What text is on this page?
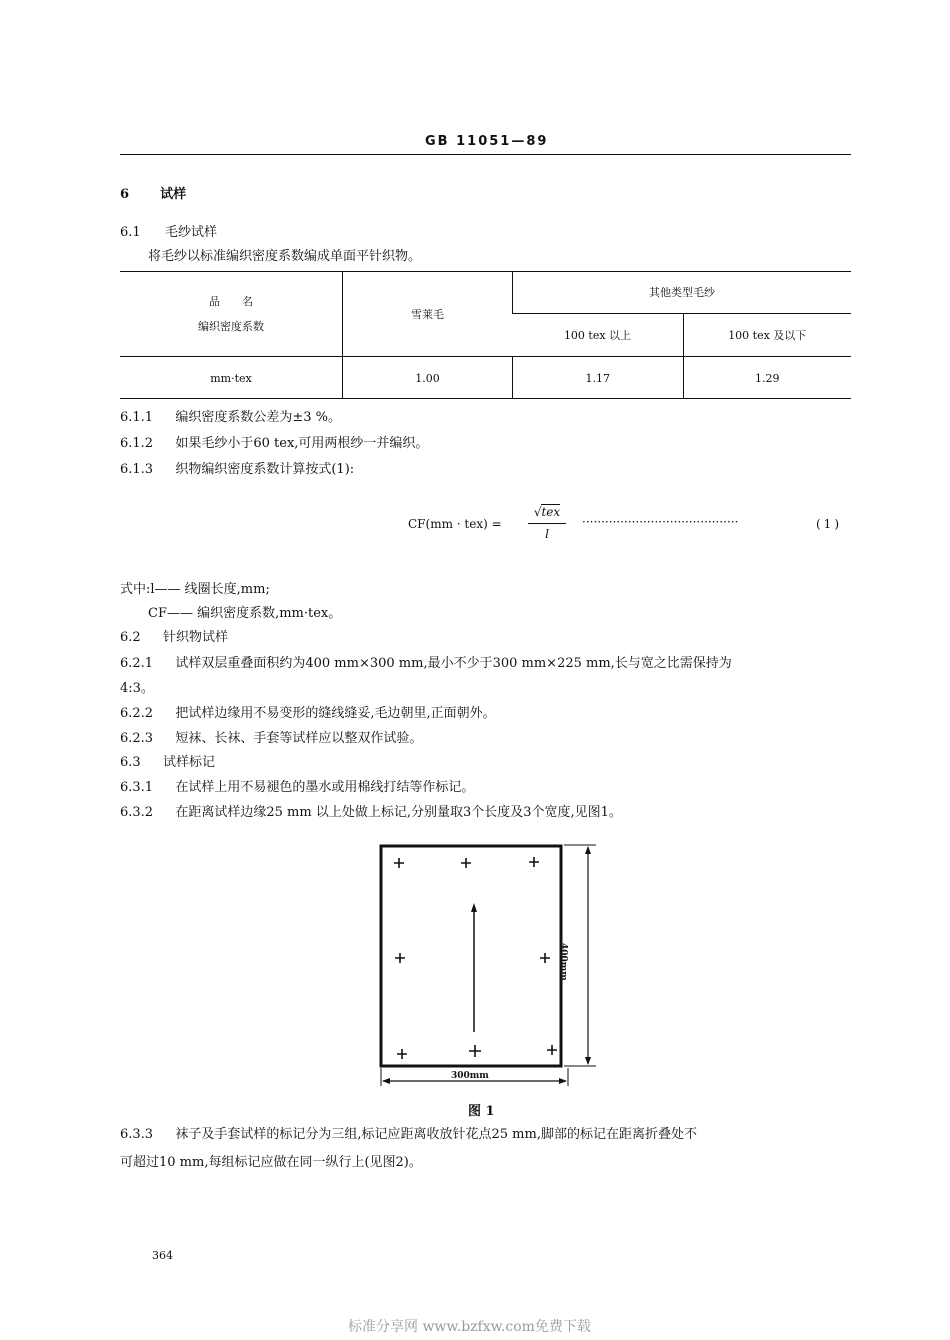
GB 11051—89
6 试样
6.1 毛纱试样
将毛纱以标准编织密度系数编成单面平针织物。
品　　名
编织密度系数	雪莱毛	其他类型毛纱	
		100 tex 以上	100 tex 及以下
mm·tex	1.00	1.17	1.29
6.1.1 编织密度系数公差为±3 %。
6.1.2 如果毛纱小于60 tex,可用两根纱一并编织。
6.1.3 织物编织密度系数计算按式(1):
CF(mm · tex) =
√tex
l
·········································	(1)
式中:l—— 线圈长度,mm;
CF—— 编织密度系数,mm·tex。
6.2 针织物试样
6.2.1 试样双层重叠面积约为400 mm×300 mm,最小不少于300 mm×225 mm,长与宽之比需保持为
4:3。
6.2.2 把试样边缘用不易变形的缝线缝妥,毛边朝里,正面朝外。
6.2.3 短袜、长袜、手套等试样应以整双作试验。
6.3 试样标记
6.3.1 在试样上用不易褪色的墨水或用棉线打结等作标记。
6.3.2 在距离试样边缘25 mm 以上处做上标记,分别量取3个长度及3个宽度,见图1。
400mm
300mm
图 1
6.3.3 袜子及手套试样的标记分为三组,标记应距离收放针花点25 mm,脚部的标记在距离折叠处不
可超过10 mm,每组标记应做在同一纵行上(见图2)。
364
标准分享网 www.bzfxw.com免费下载
